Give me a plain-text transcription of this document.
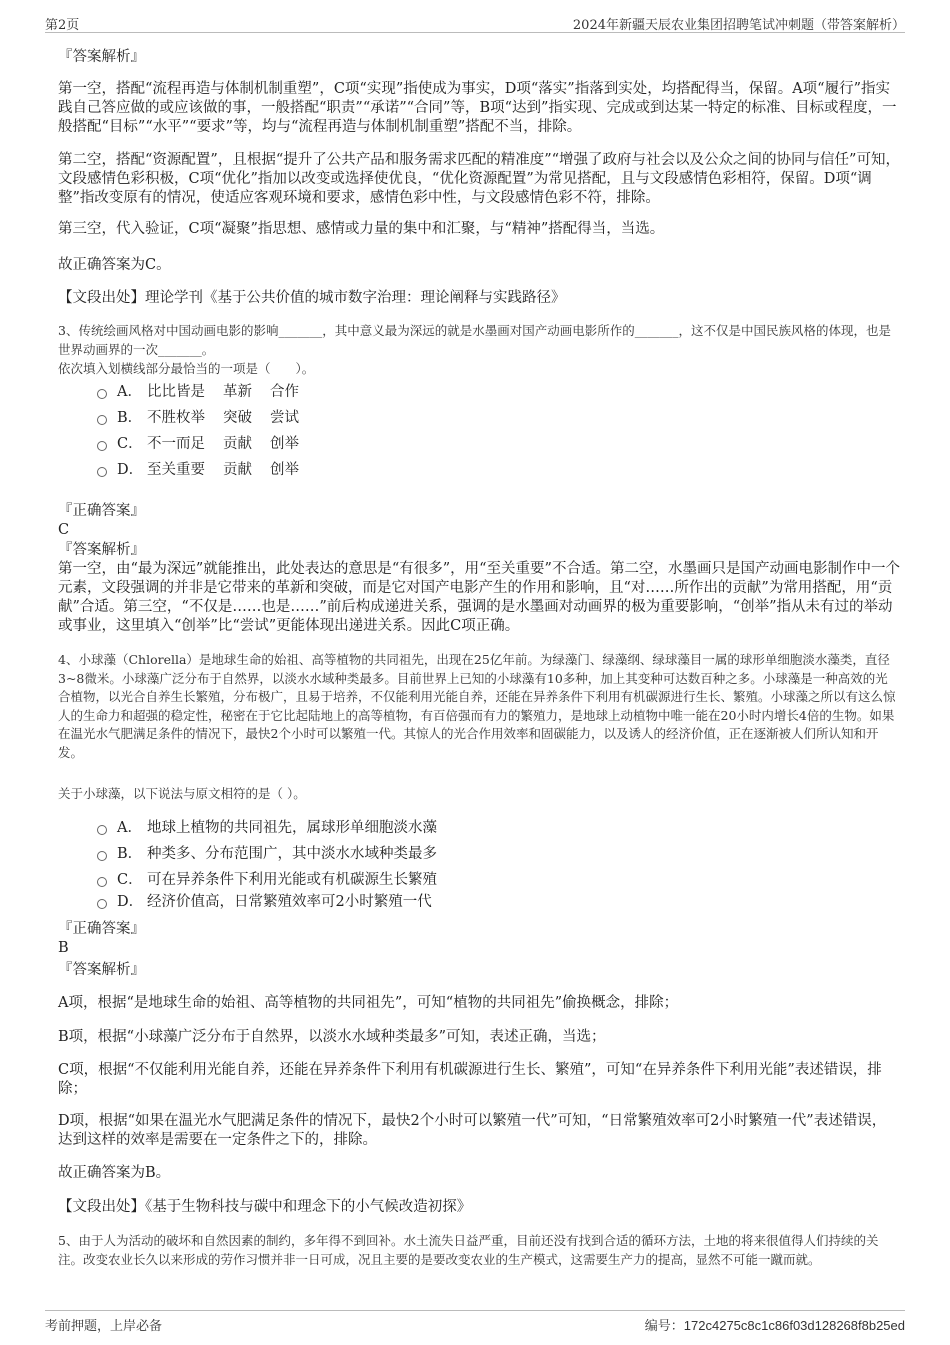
第2页	2024年新疆天辰农业集团招聘笔试冲刺题（带答案解析）
『答案解析』
第一空，搭配“流程再造与体制机制重塑”，C项“实现”指使成为事实，D项“落实”指落到实处，均搭配得当，保留。A项“履行”指实践自己答应做的或应该做的事，一般搭配“职责”“承诺”“合同”等，B项“达到”指实现、完成或到达某一特定的标准、目标或程度，一般搭配“目标”“水平”“要求”等，均与“流程再造与体制机制重塑”搭配不当，排除。
第二空，搭配“资源配置”，且根据“提升了公共产品和服务需求匹配的精准度”“增强了政府与社会以及公众之间的协同与信任”可知，文段感情色彩积极，C项“优化”指加以改变或选择使优良，“优化资源配置”为常见搭配，且与文段感情色彩相符，保留。D项“调整”指改变原有的情况，使适应客观环境和要求，感情色彩中性，与文段感情色彩不符，排除。
第三空，代入验证，C项“凝聚”指思想、感情或力量的集中和汇聚，与“精神”搭配得当，当选。
故正确答案为C。
【文段出处】理论学刊《基于公共价值的城市数字治理：理论阐释与实践路径》
3、传统绘画风格对中国动画电影的影响_______，其中意义最为深远的就是水墨画对国产动画电影所作的_______，这不仅是中国民族风格的体现，也是世界动画界的一次_______。
依次填入划横线部分最恰当的一项是（　　）。
A． 比比皆是 革新 合作
B． 不胜枚举 突破 尝试
C． 不一而足 贡献 创举
D． 至关重要 贡献 创举
『正确答案』
C
『答案解析』
第一空，由“最为深远”就能推出，此处表达的意思是“有很多”，用“至关重要”不合适。第二空，水墨画只是国产动画电影制作中一个元素，文段强调的并非是它带来的革新和突破，而是它对国产电影产生的作用和影响，且“对……所作出的贡献”为常用搭配，用“贡献”合适。第三空，“不仅是……也是……”前后构成递进关系，强调的是水墨画对动画界的极为重要影响，“创举”指从未有过的举动或事业，这里填入“创举”比“尝试”更能体现出递进关系。因此C项正确。
4、小球藻（Chlorella）是地球生命的始祖、高等植物的共同祖先，出现在25亿年前。为绿藻门、绿藻纲、绿球藻目一属的球形单细胞淡水藻类，直径3~8微米。小球藻广泛分布于自然界，以淡水水域种类最多。目前世界上已知的小球藻有10多种，加上其变种可达数百种之多。小球藻是一种高效的光合植物，以光合自养生长繁殖，分布极广，且易于培养，不仅能利用光能自养，还能在异养条件下利用有机碳源进行生长、繁殖。小球藻之所以有这么惊人的生命力和超强的稳定性，秘密在于它比起陆地上的高等植物，有百倍强而有力的繁殖力，是地球上动植物中唯一能在20小时内增长4倍的生物。如果在温光水气肥满足条件的情况下，最快2个小时可以繁殖一代。其惊人的光合作用效率和固碳能力，以及诱人的经济价值，正在逐渐被人们所认知和开发。
关于小球藻，以下说法与原文相符的是（ ）。
A． 地球上植物的共同祖先，属球形单细胞淡水藻
B． 种类多、分布范围广，其中淡水水域种类最多
C． 可在异养条件下利用光能或有机碳源生长繁殖
D． 经济价值高，日常繁殖效率可2小时繁殖一代
『正确答案』
B
『答案解析』
A项，根据“是地球生命的始祖、高等植物的共同祖先”，可知“植物的共同祖先”偷换概念，排除；
B项，根据“小球藻广泛分布于自然界，以淡水水域种类最多”可知，表述正确，当选；
C项，根据“不仅能利用光能自养，还能在异养条件下利用有机碳源进行生长、繁殖”，可知“在异养条件下利用光能”表述错误，排除；
D项，根据“如果在温光水气肥满足条件的情况下，最快2个小时可以繁殖一代”可知，“日常繁殖效率可2小时繁殖一代”表述错误，达到这样的效率是需要在一定条件之下的，排除。
故正确答案为B。
【文段出处】《基于生物科技与碳中和理念下的小气候改造初探》
5、由于人为活动的破坏和自然因素的制约，多年得不到回补。水土流失日益严重，目前还没有找到合适的循环方法，土地的将来很值得人们持续的关注。改变农业长久以来形成的劳作习惯并非一日可成，况且主要的是要改变农业的生产模式，这需要生产力的提高，显然不可能一蹴而就。
考前押题，上岸必备	编号：172c4275c8c1c86f03d128268f8b25ed
